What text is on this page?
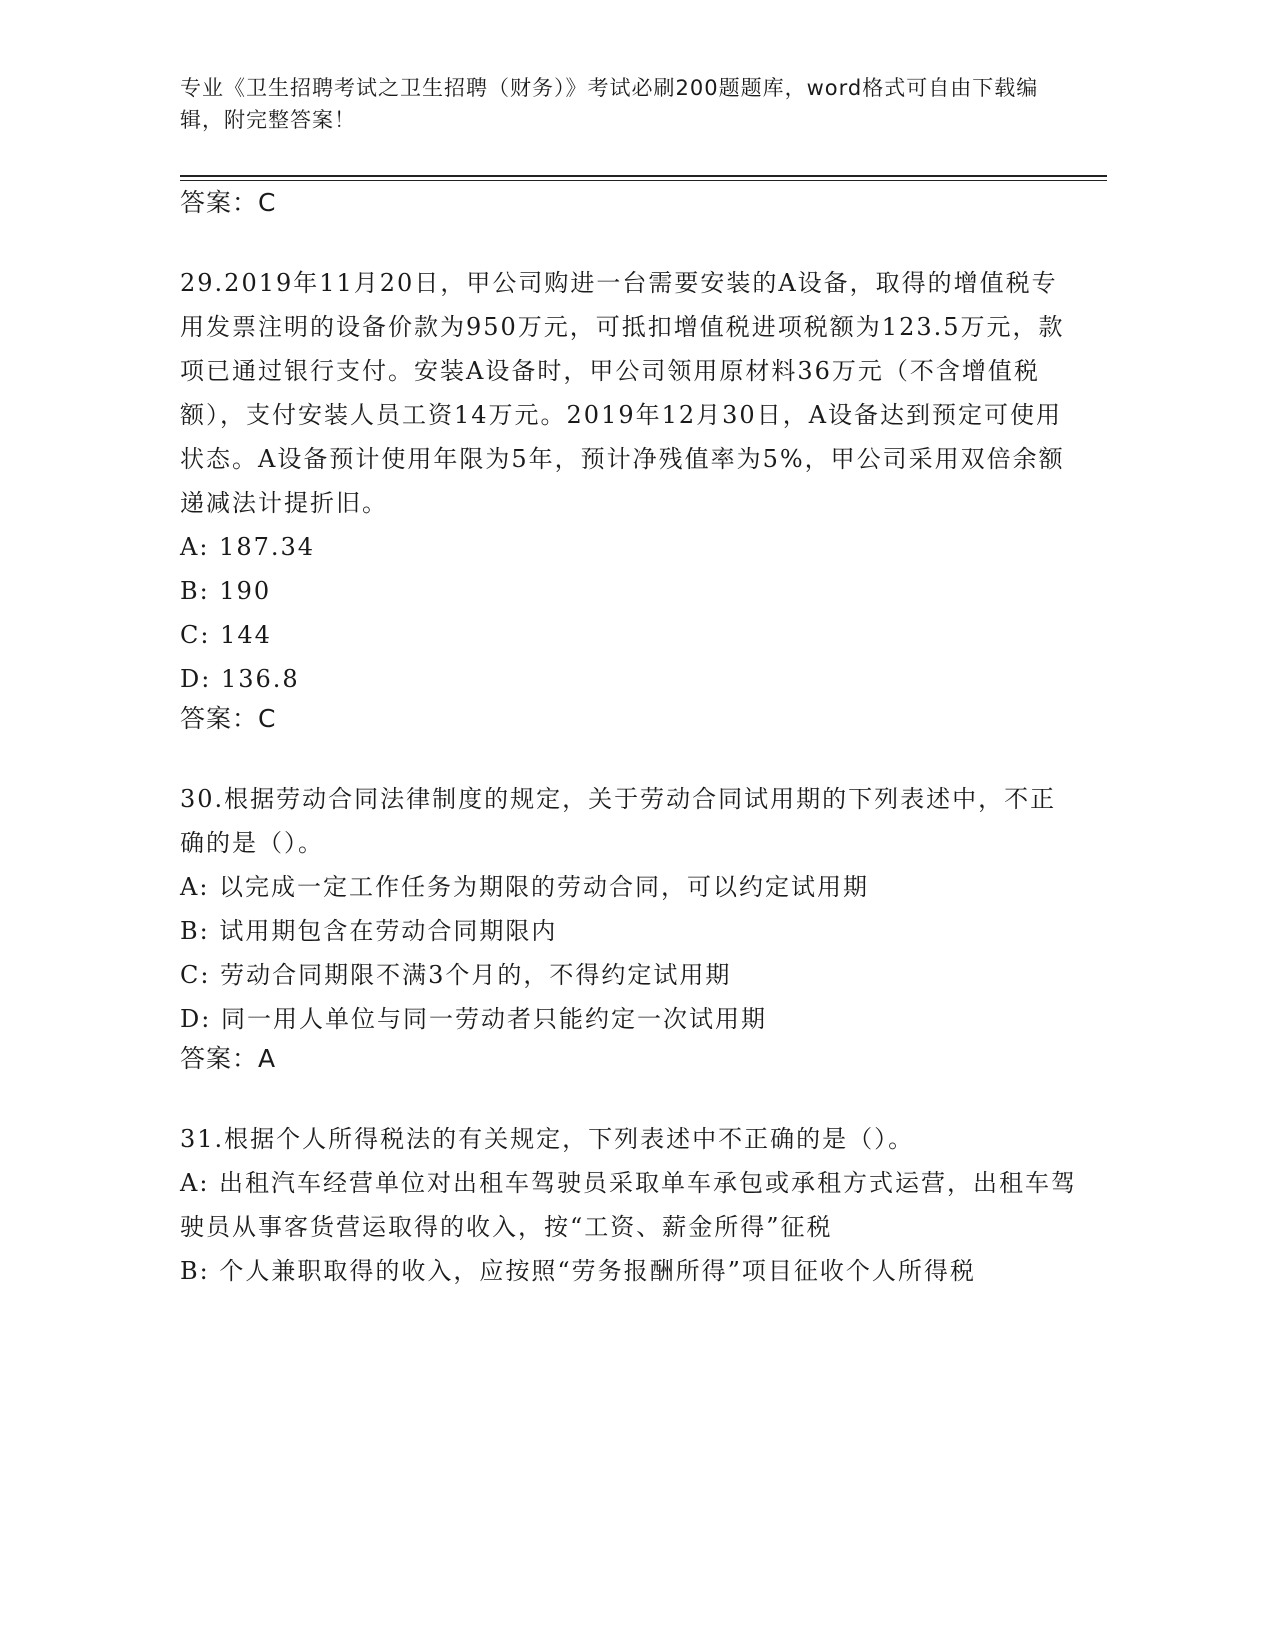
专业《卫生招聘考试之卫生招聘（财务）》考试必刷200题题库，word格式可自由下载编辑，附完整答案！
答案：C
29.2019年11月20日，甲公司购进一台需要安装的A设备，取得的增值税专用发票注明的设备价款为950万元，可抵扣增值税进项税额为123.5万元，款项已通过银行支付。安装A设备时，甲公司领用原材料36万元（不含增值税额），支付安装人员工资14万元。2019年12月30日，A设备达到预定可使用状态。A设备预计使用年限为5年，预计净残值率为5%，甲公司采用双倍余额递减法计提折旧。
A: 187.34
B: 190
C: 144
D: 136.8
答案：C
30.根据劳动合同法律制度的规定，关于劳动合同试用期的下列表述中，不正确的是（）。
A: 以完成一定工作任务为期限的劳动合同，可以约定试用期
B: 试用期包含在劳动合同期限内
C: 劳动合同期限不满3个月的，不得约定试用期
D: 同一用人单位与同一劳动者只能约定一次试用期
答案：A
31.根据个人所得税法的有关规定，下列表述中不正确的是（）。
A: 出租汽车经营单位对出租车驾驶员采取单车承包或承租方式运营，出租车驾驶员从事客货营运取得的收入，按“工资、薪金所得”征税
B: 个人兼职取得的收入，应按照“劳务报酬所得”项目征收个人所得税
